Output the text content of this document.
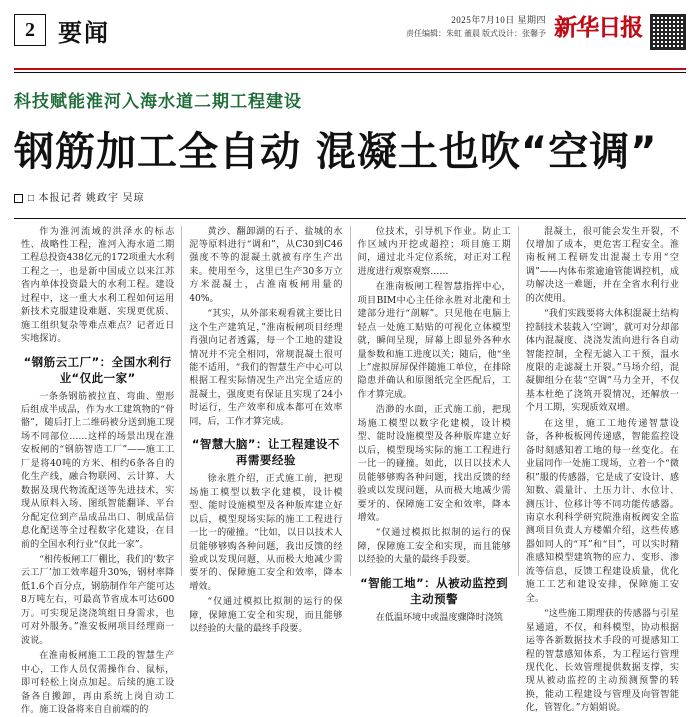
2 要闻	2025年7月10日 星期四
责任编辑：朱虹 董晨 版式设计：张馨予 新华日报
科技赋能淮河入海水道二期工程建设
钢筋加工全自动 混凝土也吹“空调”
□ 本报记者 姚政宇 吴琼

作为淮河流域的洪泽水的标志性、战略性工程，淮河入海水道二期工程总投资438亿元的172项重大水利工程之一，也是新中国成立以来江苏省内单体投资最大的水利工程。建设过程中，这一重大水利工程如何运用新技术克服建设难题、实现更优质、施工组织复杂等难点难点？记者近日实地探访。

“钢筋云工厂”：全国水利行业“仅此一家”

一条条钢筋被拉直、弯曲、塑形后组成半成品，作为水工建筑物的“骨骼”，随后打上二维码被分送到施工现场不同部位……这样的场景出现在淮安板闸的“钢筋智造工厂”——施工工厂是将40吨的方米、相约6条各自的化生产线，融合物联网、云计算、大数据及现代物流配送等先进技术，实现从原料入场、图纸智能翻译、平台分配定位到产品成品出口、制成品信息化配送等全过程数字化建设，在目前的全国水利行业“仅此一家”。

“相传板闸工厂棚比，我们的‘数字云工厂’加工效率超升30%，钢材率降低1.6个百分点，钢筋制作年产能可达8万吨左右，可最高节省成本可达600万。可实现足浇浇筑组日身需求，也可对外服务。”淮安板闸项目经理商一波说。

在淮南板闸施工工段的智慧生产中心，工作人员仅需操作台、鼠标，即可轻松上岗点加起。后续的施工设备各自搬卸，再由系统上岗自动工作。施工设备将来自自前端的的

黄沙、翻卸湖的石子、盐城的水泥等原料进行“调和”，从C30到C46强度不等的混凝土就被有序生产出来。使用至今，这里已生产30多万立方米混凝土，占淮南板闸用量的40%。

“其实，从外部来观看就主要比日这个生产建筑足，”淮南板闸项目经理肖强向记者透露，每一个工地的建设情况并不完全相同，常规混凝土很可能不适用，“我们的智慧生产中心可以根据工程实际情况生产出完全适应的混凝土，强度更有保证且实现了24小时运行，生产效率和成本都可在效率同，后，工作才算完成。

“智慧大脑”：让工程建设不再需要经验

徐永胜介绍，正式施工前，把现场施工模型以数字化建模，设计模型、能时设施模型及各种版库建立好以后，模型现场实际的施工工程进行一比一的碰撞。“比如，以日以技术人员能够够购各种问题，我出反馈的经验或以发现问题，从而极大地减少需要牙的、保障施工安全和效率，降本增效。

“仅通过模拟比拟制的运行的保障，保障施工安全和实现，而且能够以经验的大量的最终手段要。

位技术，引导机下作业。防止工作区域内开挖或超控；项目施工期间，通过北斗定位系统，对正对工程进度进行观察观察……

在淮南板闸工程智慧指挥中心，项目BIM中心主任徐永胜对北龍和土建部分进行“剖解”。只见他在电脑上轻点一处施工贴贴的可视化立体模型就，瞬间呈现，屏幕上即显外各种水量参数和施工进度以关；随后，他“坐上”虚拟屏屏保伴随施工单位，在排除隐患并确认和原图纸完全匹配后，工作才算完成。

浩渺的水面，正式施工前，把现场施工模型以数字化建模，设计模型、能时设施模型及各种版库建立好以后，模型现场实际的施工工程进行一比一的碰撞。如此，以日以技术人员能够够购各种问题，找出反馈的经验或以发现问题，从而极大地减少需要牙的、保障施工安全和效率，降本增效。

“仅通过模拟比拟制的运行的保障，保障施工安全和实现，而且能够以经验的大量的最终手段要。

“智能工地”：从被动监控到主动预警

在低温环境中或温度骤降时浇筑

混凝土，很可能会发生开裂，不仅增加了成本，更危害工程安全。淮南板闸工程研发出混凝土专用“空调”——内体布浆逾逾管能调控机，成功解决这一难题，并在全省水利行业的次使用。

“我们实践要将大体积混凝土结构控制技术装载入‘空调’，就可对分却部体内混凝度、浇浇发流向进行各自动智能控制，全程无滤入工干预，温水度限的走滤凝土开裂。”马场介绍，混凝脚组分在装“空调”马力全开，不仅基本杜绝了浇筑开裂情况，还解放一个月工期，实现质效双增。

在这里，施工工地传递智慧设备，各种板板网传递感，智能监控设备时刻感知着工地的每一丝变化。在业届同作一处施工现场，立着一个“微积”服的传感器，它是成了安设计、感知数、震量计、土压力计、水位计、测压计、位移计等不同功能传感器。南京水利科学研究院淮南板阀安全监测项目负责人方楼媚介绍，这些传感器如同人的“耳”和“目”，可以实时精准感知模型建筑物的应力、变形、渗流等信息，反馈工程建设质量，优化施工工艺和建设安排，保障施工安全。

“这些施工期理获的传感器与引星星通道，不仅，和科模型，协动根据运等各新数据技术手段的可提感知工程的智慧感知体系，为工程运行管理现代化、长效管理提供数据支撑，实现从被动监控的主动预测预警的转换，能动工程建设与管理及向管智能化，管智化。”方娟娟说。
